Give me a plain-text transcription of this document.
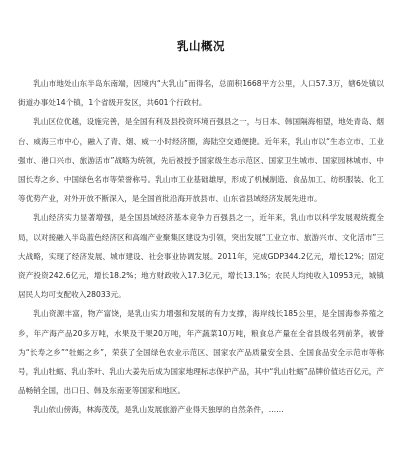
乳山概况

乳山市地处山东半岛东南端，因境内“大乳山”而得名，总面积1668平方公里，人口57.3万，辖6处镇以街道办事处14个镇，1个省级开发区，共601个行政村。

乳山区位优越，设施完善，是全国有利及县投资环境百强县之一，与日本、韩国隔海相望，地处青岛、烟台、威海三市中心，融入了青、烟、威一小时经济圈，海陆空交通便捷。近年来，乳山市以“生态立市、工业强市、港口兴市、旅游活市”战略为统领，先后被授予国家级生态示范区、国家卫生城市、国家园林城市、中国长寿之乡、中国绿色名市等荣誉称号。乳山市工业基础雄厚，形成了机械制造、食品加工、纺织服装、化工等优势产业，对外开放不断深入，是全国首批沿海开放县市、山东省县域经济发展先进市。

乳山经济实力显著增强，是全国县域经济基本竞争力百强县之一，近年来，乳山市以科学发展观统揽全局，以对接融入半岛蓝色经济区和高端产业聚集区建设为引领，突出发展“工业立市、旅游兴市、文化活市”三大战略，实现了经济发展、城市建设、社会事业协调发展。2011年，完成GDP344.2亿元，增长12%；固定资产投资242.6亿元，增长18.2%；地方财政收入17.3亿元，增长13.1%；农民人均纯收入10953元，城镇居民人均可支配收入28033元。

乳山资源丰富，物产富饶，是乳山实力增强和发展的有力支撑，海岸线长185公里，是全国海参养殖之乡，年产海产品20多万吨，水果及干果20万吨，年产蔬菜10万吨，粮食总产量在全省县级名列前茅，被誉为“长寿之乡”“牡蛎之乡”，荣获了全国绿色农业示范区、国家农产品质量安全县、全国食品安全示范市等称号，乳山牡蛎、乳山茶叶、乳山大姜先后成为国家地理标志保护产品，其中“乳山牡蛎”品牌价值达百亿元，产品畅销全国，出口日、韩及东南亚等国家和地区。

乳山依山傍海，林海茂茂，是乳山发展旅游产业得天独厚的自然条件，……
